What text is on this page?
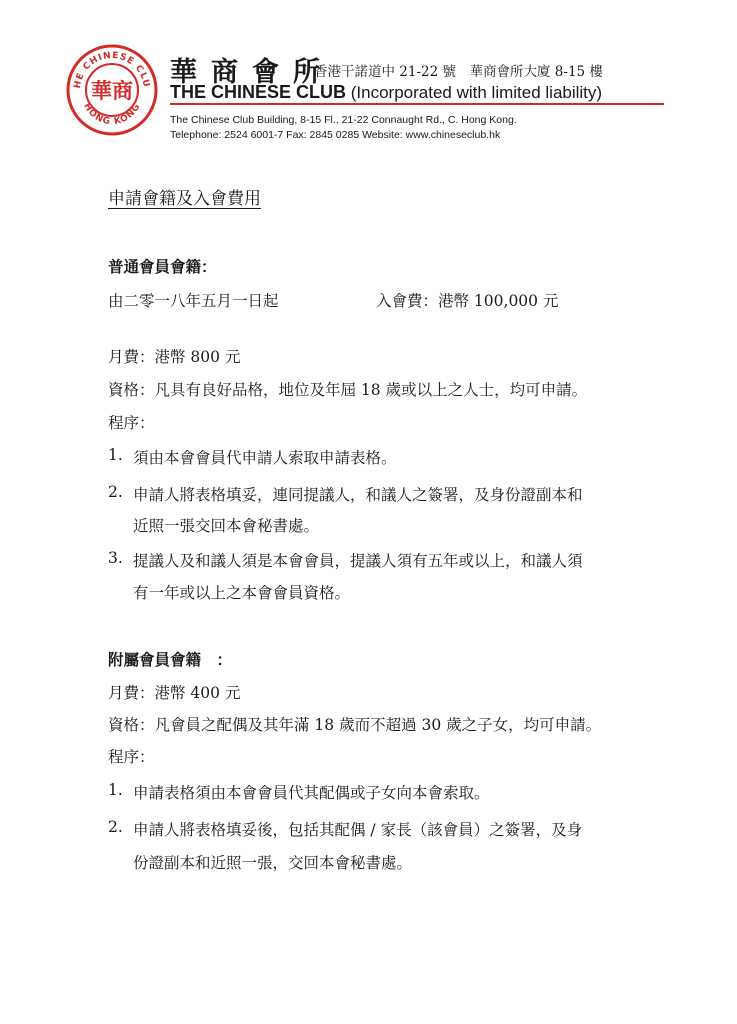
HE CHINESE CLU
HONG KONG
華商
華商會所
香港干諾道中 21-22 號　華商會所大廈 8-15 樓
THE CHINESE CLUB (Incorporated with limited liability)
The Chinese Club Building, 8-15 Fl., 21-22 Connaught Rd., C. Hong Kong.
Telephone: 2524 6001-7 Fax: 2845 0285 Website: www.chineseclub.hk
申請會籍及入會費用
普通會員會籍：
由二零一八年五月一日起	入會費：港幣 100,000 元
月費：港幣 800 元
資格：凡具有良好品格，地位及年屆 18 歲或以上之人士，均可申請。
程序：
1. 須由本會會員代申請人索取申請表格。
2. 申請人將表格填妥，連同提議人，和議人之簽署，及身份證副本和
近照一張交回本會秘書處。
3. 提議人及和議人須是本會會員，提議人須有五年或以上，和議人須
有一年或以上之本會會員資格。
附屬會員會籍　：
月費：港幣 400 元
資格：凡會員之配偶及其年滿 18 歲而不超過 30 歲之子女，均可申請。
程序：
1. 申請表格須由本會會員代其配偶或子女向本會索取。
2. 申請人將表格填妥後，包括其配偶 / 家長（該會員）之簽署，及身
份證副本和近照一張，交回本會秘書處。
